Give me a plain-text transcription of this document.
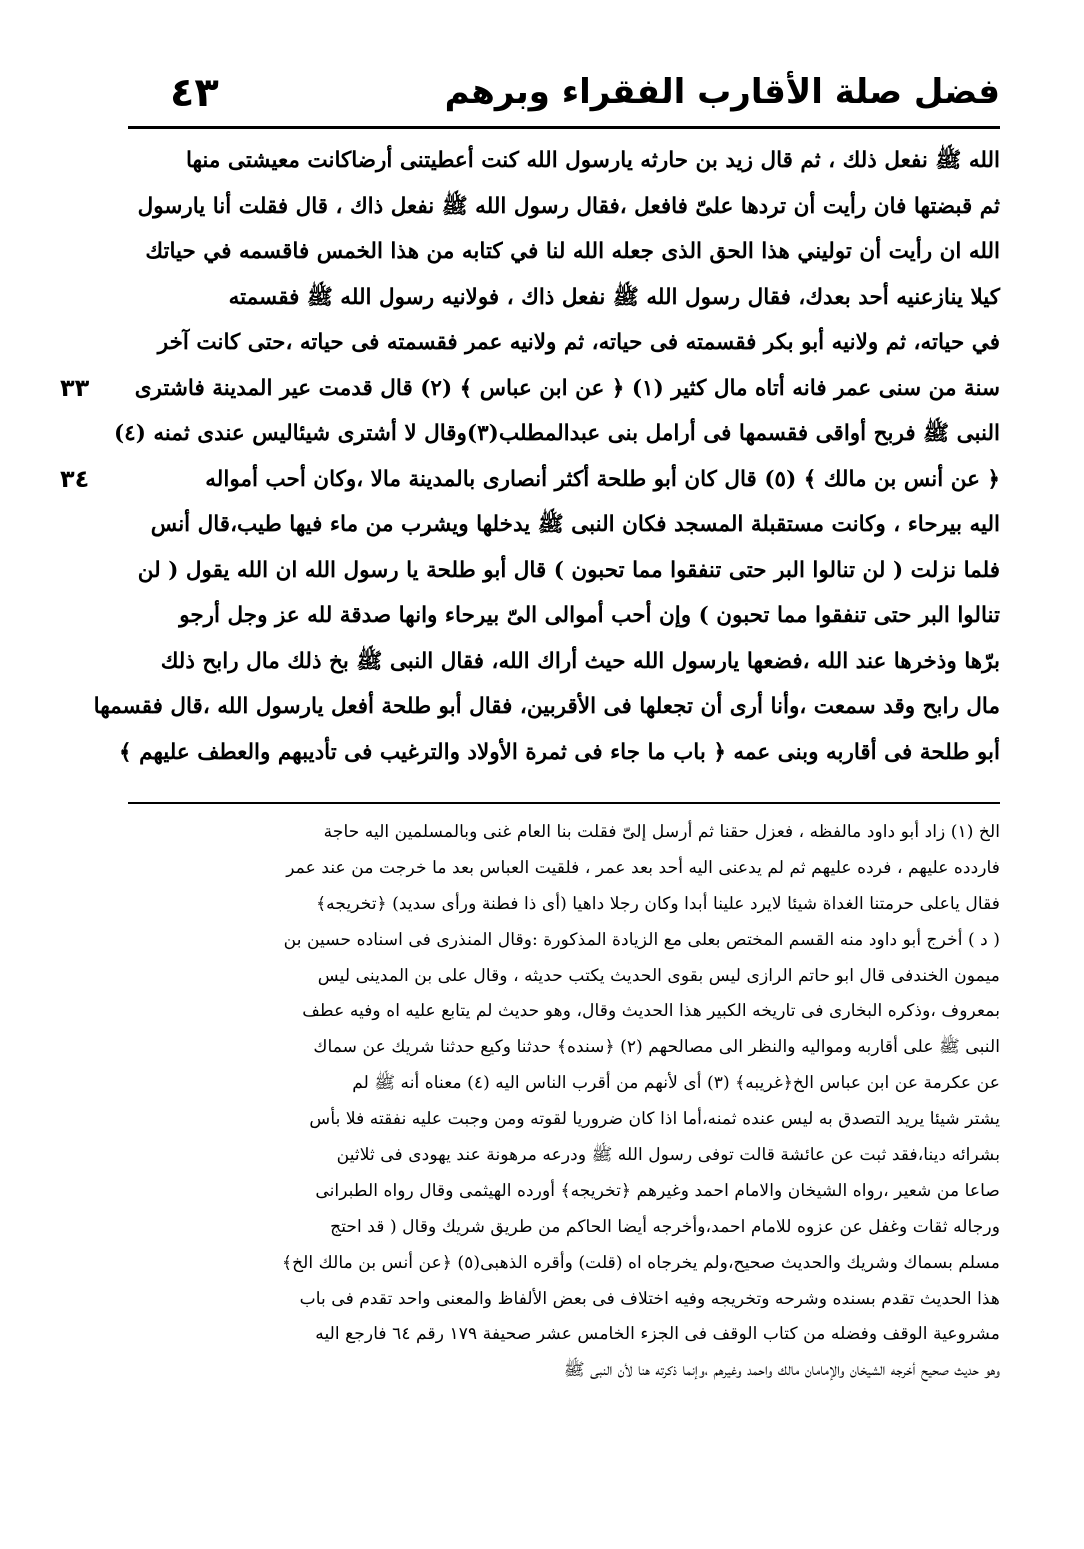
٤٣	فضل صلة الأقارب الفقراء وبرهم
٣٣
٣٤
الله ﷺ نفعل ذلك ، ثم قال زيد بن حارثه يارسول الله كنت أعطيتنى أرضاكانت معيشتى منها
ثم قبضتها فان رأيت أن تردها علىّ فافعل ،فقال رسول الله ﷺ نفعل ذاك ، قال فقلت أنا يارسول
الله ان رأيت أن توليني هذا الحق الذى جعله الله لنا في كتابه من هذا الخمس فاقسمه في حياتك
كيلا ينازعنيه أحد بعدك، فقال رسول الله ﷺ نفعل ذاك ، فولانيه رسول الله ﷺ فقسمته
في حياته، ثم ولانيه أبو بكر فقسمته فى حياته، ثم ولانيه عمر فقسمته فى حياته ،حتى كانت آخر
سنة من سنى عمر فانه أتاه مال كثير (١) ﴿ عن ابن عباس ﴾ (٢) قال قدمت عير المدينة فاشترى
النبى ﷺ فربح أواقى فقسمها فى أرامل بنى عبدالمطلب(٣)وقال لا أشترى شيئاليس عندى ثمنه (٤)
﴿ عن أنس بن مالك ﴾ (٥) قال كان أبو طلحة أكثر أنصارى بالمدينة مالا ،وكان أحب أمواله
اليه بيرحاء ، وكانت مستقبلة المسجد فكان النبى ﷺ يدخلها ويشرب من ماء فيها طيب،قال أنس
فلما نزلت ( لن تنالوا البر حتى تنفقوا مما تحبون ) قال أبو طلحة يا رسول الله ان الله يقول ( لن
تنالوا البر حتى تنفقوا مما تحبون ) وإن أحب أموالى الىّ بيرحاء وانها صدقة لله عز وجل أرجو
برّها وذخرها عند الله ،فضعها يارسول الله حيث أراك الله، فقال النبى ﷺ بخ ذلك مال رابح ذلك
مال رابح وقد سمعت ،وأنا أرى أن تجعلها فى الأقربين، فقال أبو طلحة أفعل يارسول الله ،قال فقسمها
أبو طلحة فى أقاربه وبنى عمه ﴿ باب ما جاء فى ثمرة الأولاد والترغيب فى تأديبهم والعطف عليهم ﴾
الخ (١) زاد أبو داود مالفظه ، فعزل حقنا ثم أرسل إلىّ فقلت بنا العام غنى وبالمسلمين اليه حاجة
فاردده عليهم ، فرده عليهم ثم لم يدعنى اليه أحد بعد عمر ، فلقيت العباس بعد ما خرجت من عند عمر
فقال ياعلى حرمتنا الغداة شيئا لايرد علينا أبدا وكان رجلا داهيا (أى ذا فطنة ورأى سديد) ﴿تخريجه﴾
( د ) أخرج أبو داود منه القسم المختص بعلى مع الزيادة المذكورة :وقال المنذرى فى اسناده حسين بن
ميمون الخندفى قال ابو حاتم الرازى ليس بقوى الحديث يكتب حديثه ، وقال على بن المدينى ليس
بمعروف ،وذكره البخارى فى تاريخه الكبير هذا الحديث وقال، وهو حديث لم يتابع عليه اه وفيه عطف
النبى ﷺ على أقاربه ومواليه والنظر الى مصالحهم (٢) ﴿سنده﴾ حدثنا وكيع حدثنا شريك عن سماك
عن عكرمة عن ابن عباس الخ﴿غريبه﴾ (٣) أى لأنهم من أقرب الناس اليه (٤) معناه أنه ﷺ لم
يشتر شيئا يريد التصدق به ليس عنده ثمنه،أما اذا كان ضروريا لقوته ومن وجبت عليه نفقته فلا بأس
بشرائه دينا،فقد ثبت عن عائشة قالت توفى رسول الله ﷺ ودرعه مرهونة عند يهودى فى ثلاثين
صاعا من شعير ،رواه الشيخان والامام احمد وغيرهم ﴿تخريجه﴾ أورده الهيثمى وقال رواه الطبرانى
ورجاله ثقات وغفل عن عزوه للامام احمد،وأخرجه أيضا الحاكم من طريق شريك وقال ( قد احتج
مسلم بسماك وشريك والحديث صحيح،ولم يخرجاه اه (قلت) وأقره الذهبى(٥) ﴿عن أنس بن مالك الخ﴾
هذا الحديث تقدم بسنده وشرحه وتخريجه وفيه اختلاف فى بعض الألفاظ والمعنى واحد تقدم فى باب
مشروعية الوقف وفضله من كتاب الوقف فى الجزء الخامس عشر صحيفة ١٧٩ رقم ٦٤ فارجع اليه
وهو حديث صحيح أخرجه الشيخان والإمامان مالك واحمد وغيرهم ،وإنما ذكرته هنا لأن النبى ﷺ
